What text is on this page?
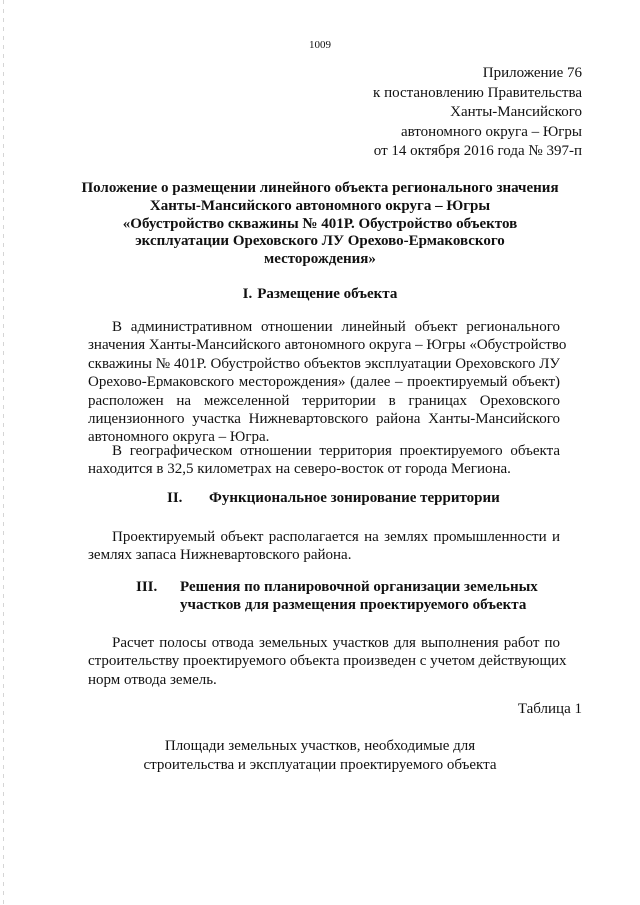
1009
Приложение 76
к постановлению Правительства
Ханты-Мансийского
автономного округа – Югры
от 14 октября 2016 года № 397-п
Положение о размещении линейного объекта регионального значения
Ханты-Мансийского автономного округа – Югры
«Обустройство скважины № 401Р. Обустройство объектов
эксплуатации Ореховского ЛУ Орехово-Ермаковского
месторождения»
I. Размещение объекта
В административном отношении линейный объект регионального
значения Ханты-Мансийского автономного округа – Югры «Обустройство
скважины № 401Р. Обустройство объектов эксплуатации Ореховского ЛУ
Орехово-Ермаковского месторождения» (далее – проектируемый объект)
расположен на межселенной территории в границах Ореховского
лицензионного участка Нижневартовского района Ханты-Мансийского
автономного округа – Югра.
В географическом отношении территория проектируемого объекта
находится в 32,5 километрах на северо-восток от города Мегиона.
II. Функциональное зонирование территории
Проектируемый объект располагается на землях промышленности и
землях запаса Нижневартовского района.
III. Решения по планировочной организации земельных
участков для размещения проектируемого объекта
Расчет полосы отвода земельных участков для выполнения работ по
строительству проектируемого объекта произведен с учетом действующих
норм отвода земель.
Таблица 1
Площади земельных участков, необходимые для
строительства и эксплуатации проектируемого объекта
